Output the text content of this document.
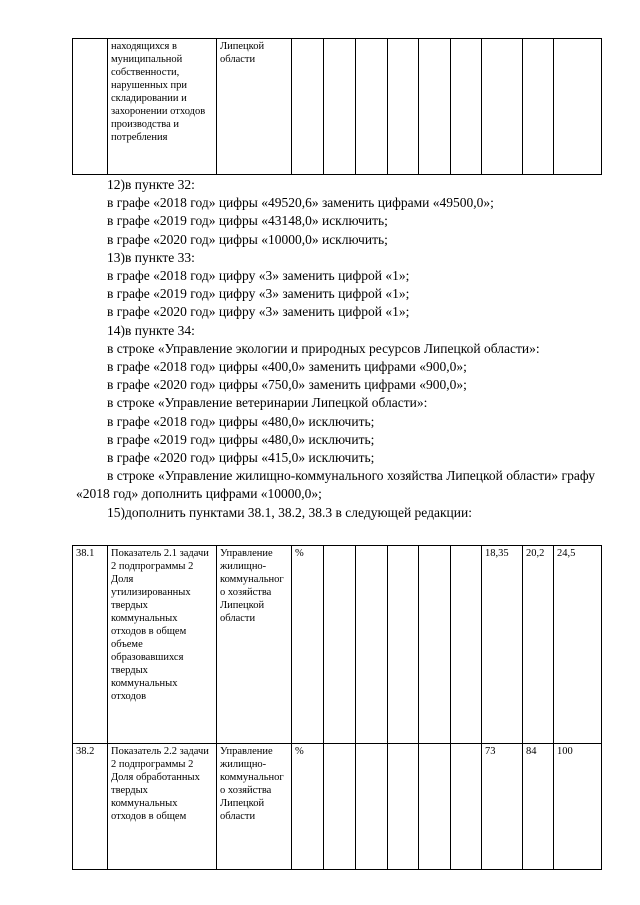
	находящихся в муниципальной собственности, нарушенных при складировании и захоронении отходов производства и потребления	Липецкой области									

12)в пункте 32:

в графе «2018 год» цифры «49520,6» заменить цифрами «49500,0»;

в графе «2019 год» цифры «43148,0» исключить;

в графе «2020 год» цифры «10000,0» исключить;

13)в пункте 33:

в графе «2018 год» цифру «3» заменить цифрой «1»;

в графе «2019 год» цифру «3» заменить цифрой «1»;

в графе «2020 год» цифру «3» заменить цифрой «1»;

14)в пункте 34:

в строке «Управление экологии и природных ресурсов Липецкой области»:

в графе «2018 год» цифры «400,0» заменить цифрами «900,0»;

в графе «2020 год» цифры «750,0» заменить цифрами «900,0»;

в строке «Управление ветеринарии Липецкой области»:

в графе «2018 год» цифры «480,0» исключить;

в графе «2019 год» цифры «480,0» исключить;

в графе «2020 год» цифры «415,0» исключить;

в строке «Управление жилищно-коммунального хозяйства Липецкой области» графу «2018 год» дополнить цифрами «10000,0»;

15)дополнить пунктами 38.1, 38.2, 38.3 в следующей редакции:

38.1	Показатель 2.1 задачи 2 подпрограммы 2 Доля утилизированных твердых коммунальных отходов в общем объеме образовавшихся твердых коммунальных отходов	Управление жилищно-коммунального хозяйства Липецкой области	%						18,35	20,2	24,5
38.2	Показатель 2.2 задачи 2 подпрограммы 2 Доля обработанных твердых коммунальных отходов в общем	Управление жилищно-коммунального хозяйства Липецкой области	%						73	84	100
